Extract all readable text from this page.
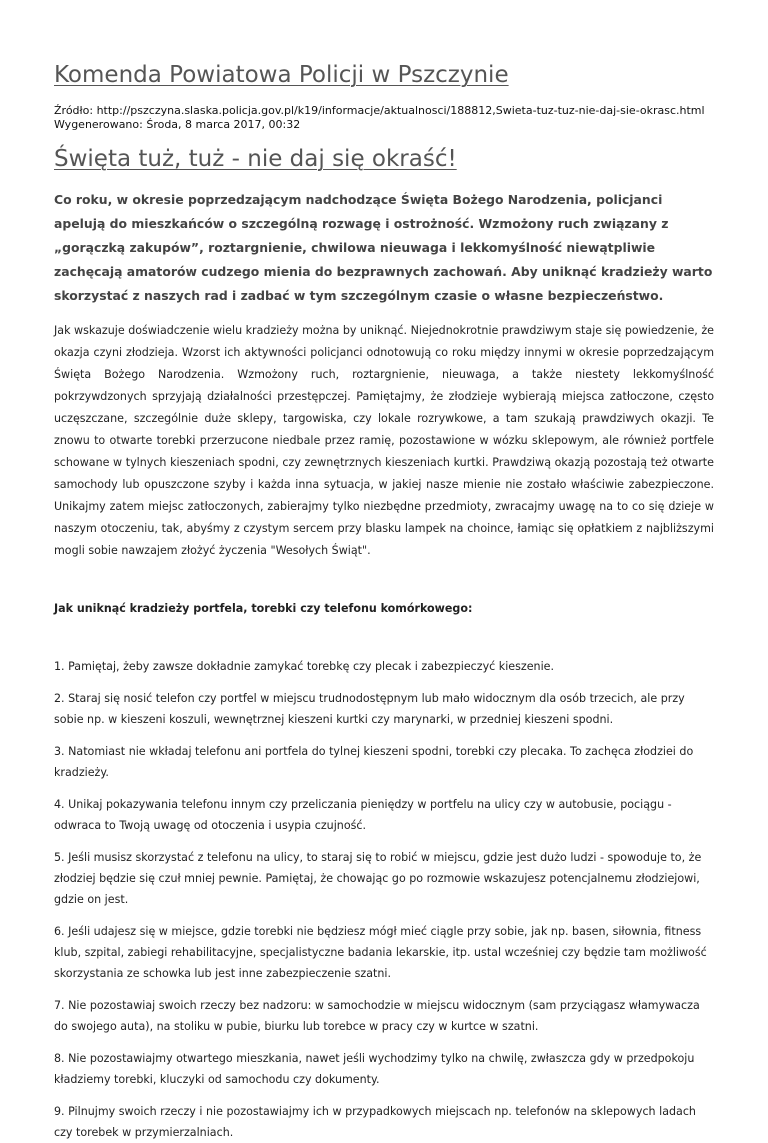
Komenda Powiatowa Policji w Pszczynie
Źródło: http://pszczyna.slaska.policja.gov.pl/k19/informacje/aktualnosci/188812,Swieta-tuz-tuz-nie-daj-sie-okrasc.html
Wygenerowano: Środa, 8 marca 2017, 00:32
Święta tuż, tuż - nie daj się okraść!

Co roku, w okresie poprzedzającym nadchodzące Święta Bożego Narodzenia, policjanci apelują do mieszkańców o szczególną rozwagę i ostrożność. Wzmożony ruch związany z „gorączką zakupów”, roztargnienie, chwilowa nieuwaga i lekkomyślność niewątpliwie zachęcają amatorów cudzego mienia do bezprawnych zachowań. Aby uniknąć kradzieży warto skorzystać z naszych rad i zadbać w tym szczególnym czasie o własne bezpieczeństwo.

Jak wskazuje doświadczenie wielu kradzieży można by uniknąć. Niejednokrotnie prawdziwym staje się powiedzenie, że okazja czyni złodzieja. Wzorst ich aktywności policjanci odnotowują co roku między innymi w okresie poprzedzającym Święta Bożego Narodzenia. Wzmożony ruch, roztargnienie, nieuwaga, a także niestety lekkomyślność pokrzywdzonych sprzyjają działalności przestępczej. Pamiętajmy, że złodzieje wybierają miejsca zatłoczone, często uczęszczane, szczególnie duże sklepy, targowiska, czy lokale rozrywkowe, a tam szukają prawdziwych okazji. Te znowu to otwarte torebki przerzucone niedbale przez ramię, pozostawione w wózku sklepowym, ale również portfele schowane w tylnych kieszeniach spodni, czy zewnętrznych kieszeniach kurtki. Prawdziwą okazją pozostają też otwarte samochody lub opuszczone szyby i każda inna sytuacja, w jakiej nasze mienie nie zostało właściwie zabezpieczone. Unikajmy zatem miejsc zatłoczonych, zabierajmy tylko niezbędne przedmioty, zwracajmy uwagę na to co się dzieje w naszym otoczeniu, tak, abyśmy z czystym sercem przy blasku lampek na choince, łamiąc się opłatkiem z najbliższymi mogli sobie nawzajem złożyć życzenia "Wesołych Świąt".

Jak uniknąć kradzieży portfela, torebki czy telefonu komórkowego:

1. Pamiętaj, żeby zawsze dokładnie zamykać torebkę czy plecak i zabezpieczyć kieszenie.
2. Staraj się nosić telefon czy portfel w miejscu trudnodostępnym lub mało widocznym dla osób trzecich, ale przy sobie np. w kieszeni koszuli, wewnętrznej kieszeni kurtki czy marynarki, w przedniej kieszeni spodni.
3. Natomiast nie wkładaj telefonu ani portfela do tylnej kieszeni spodni, torebki czy plecaka. To zachęca złodziei do kradzieży.
4. Unikaj pokazywania telefonu innym czy przeliczania pieniędzy w portfelu na ulicy czy w autobusie, pociągu - odwraca to Twoją uwagę od otoczenia i usypia czujność.
5. Jeśli musisz skorzystać z telefonu na ulicy, to staraj się to robić w miejscu, gdzie jest dużo ludzi - spowoduje to, że złodziej będzie się czuł mniej pewnie. Pamiętaj, że chowając go po rozmowie wskazujesz potencjalnemu złodziejowi, gdzie on jest.
6. Jeśli udajesz się w miejsce, gdzie torebki nie będziesz mógł mieć ciągle przy sobie, jak np. basen, siłownia, fitness klub, szpital, zabiegi rehabilitacyjne, specjalistyczne badania lekarskie, itp. ustal wcześniej czy będzie tam możliwość skorzystania ze schowka lub jest inne zabezpieczenie szatni.
7. Nie pozostawiaj swoich rzeczy bez nadzoru: w samochodzie w miejscu widocznym (sam przyciągasz włamywacza do swojego auta), na stoliku w pubie, biurku lub torebce w pracy czy w kurtce w szatni.
8. Nie pozostawiajmy otwartego mieszkania, nawet jeśli wychodzimy tylko na chwilę, zwłaszcza gdy w przedpokoju kładziemy torebki, kluczyki od samochodu czy dokumenty.
9. Pilnujmy swoich rzeczy i nie pozostawiajmy ich w przypadkowych miejscach np. telefonów na sklepowych ladach czy torebek w przymierzalniach.
